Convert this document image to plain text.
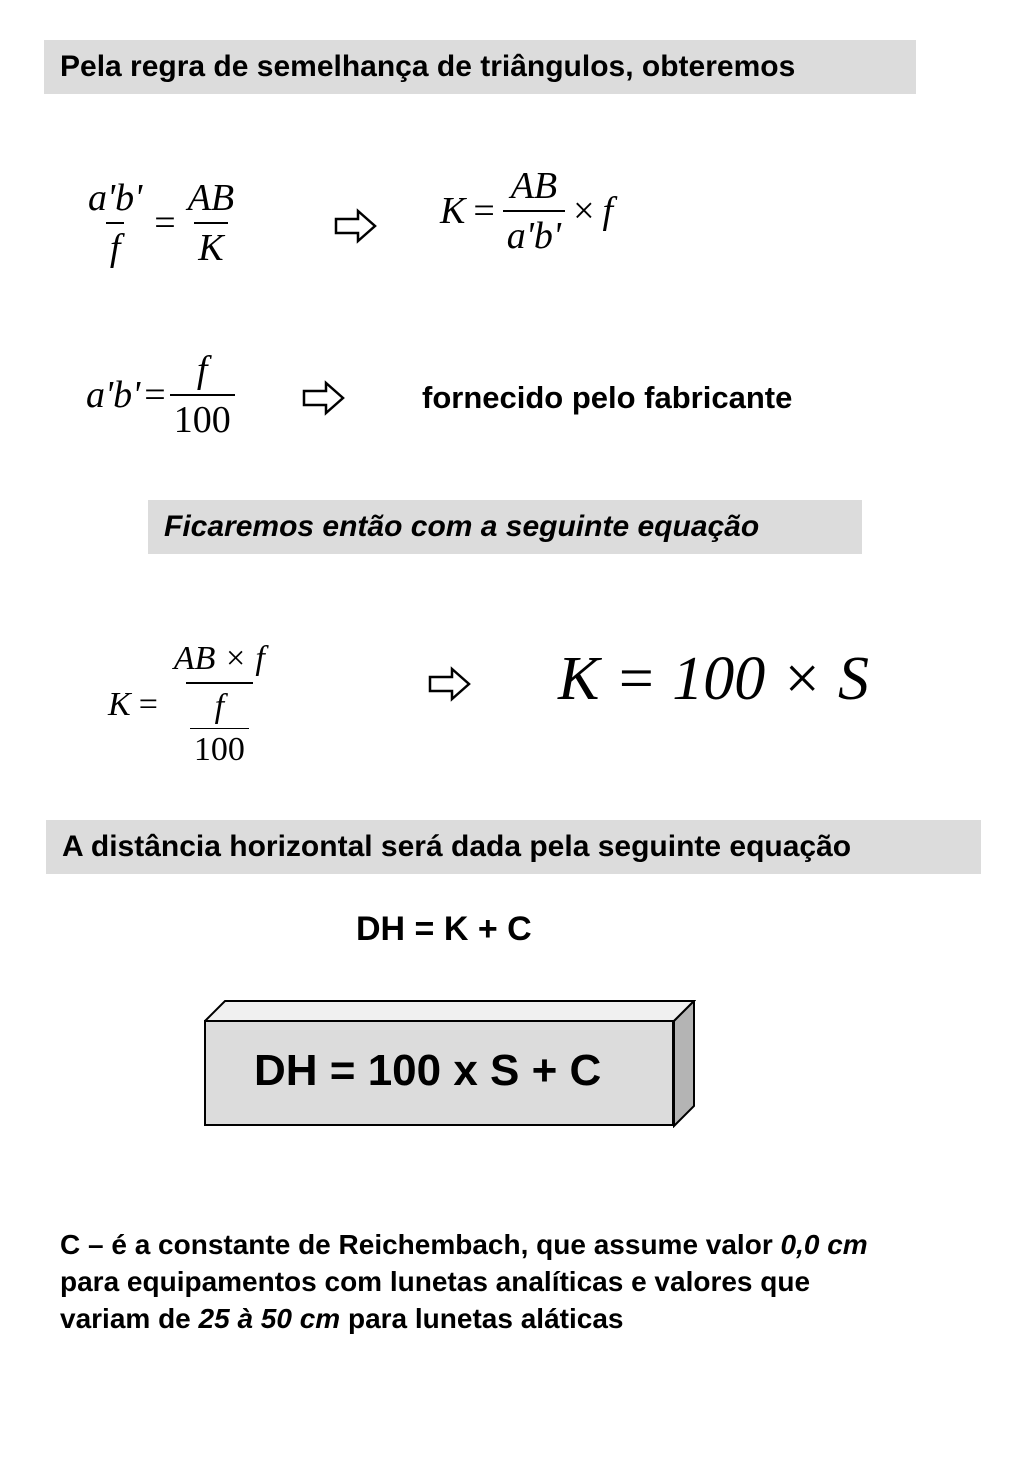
Pela regra de semelhança de triângulos, obteremos
$\frac{a'b'}{f} = \frac{AB}{K}$	$K = \frac{AB}{a'b'} \times f$
$a'b' = \frac{f}{100}$	fornecido pelo fabricante
Ficaremos então com a seguinte equação
$K = \frac{AB \times f}{\frac{f}{100}}$	K = 100 × S
A distância horizontal será dada pela seguinte equação
DH = K + C
DH = 100 x S + C
C – é a constante de Reichembach, que assume valor 0,0 cm
para equipamentos com lunetas analíticas e valores que
variam de 25 à 50 cm para lunetas aláticas
